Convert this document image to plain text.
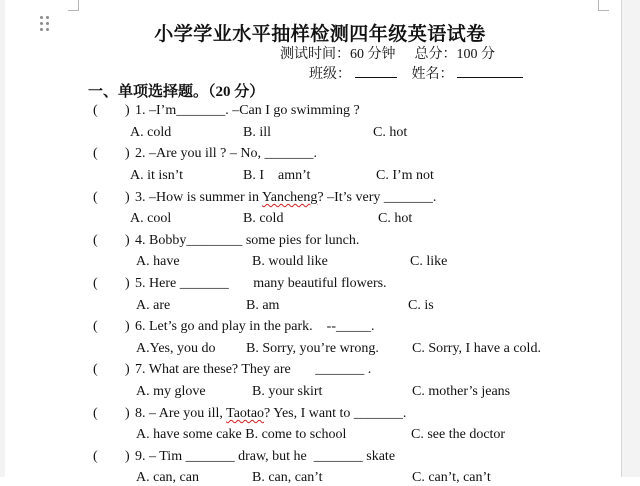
小学学业水平抽样检测四年级英语试卷
测试时间：60 分钟 总分：100 分
班级：	姓名：
一、单项选择题。（20 分）
( ) 1. –I’m_______. –Can I go swimming ?
A. cold	B. ill	C. hot
( ) 2. –Are you ill ? – No, _______.
A. it isn’t	B. I    amn’t	C. I’m not
( ) 3. –How is summer in Yancheng? –It’s very _______.
A. cool	B. cold	C. hot
( ) 4. Bobby________ some pies for lunch.
A. have	B. would like	C. like
( ) 5. Here _______       many beautiful flowers.
A. are	B. am	C. is
( ) 6. Let’s go and play in the park.    --_____.
A.Yes, you do B. Sorry, you’re wrong. C. Sorry, I have a cold.
( ) 7. What are these? They are       _______ .
A. my glove	B. your skirt	C. mother’s jeans
( ) 8. – Are you ill, Taotao? Yes, I want to _______.
A. have some cake B. come to school	C. see the doctor
( ) 9. – Tim _______ draw, but he  _______ skate
A. can, can	B. can, can’t	C. can’t, can’t
